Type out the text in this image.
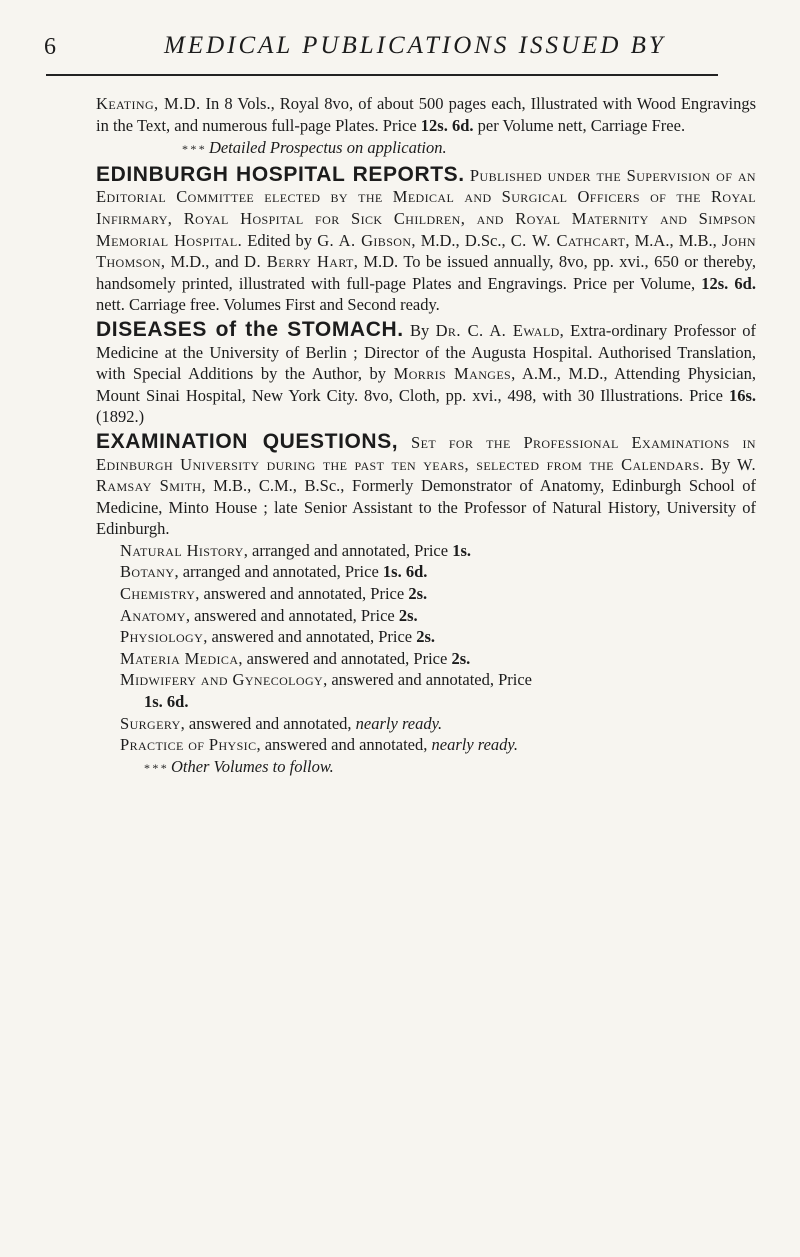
6	MEDICAL PUBLICATIONS ISSUED BY

Keating, M.D. In 8 Vols., Royal 8vo, of about 500 pages each, Illustrated with Wood Engravings in the Text, and numerous full-page Plates. Price 12s. 6d. per Volume nett, Carriage Free.

* * * Detailed Prospectus on application.

EDINBURGH HOSPITAL REPORTS. Published under the Supervision of an Editorial Committee elected by the Medical and Surgical Officers of the Royal Infirmary, Royal Hospital for Sick Children, and Royal Maternity and Simpson Memorial Hospital. Edited by G. A. Gibson, M.D., D.Sc., C. W. Cathcart, M.A., M.B., John Thomson, M.D., and D. Berry Hart, M.D. To be issued annually, 8vo, pp. xvi., 650 or thereby, handsomely printed, illustrated with full-page Plates and Engravings. Price per Volume, 12s. 6d. nett. Carriage free. Volumes First and Second ready.

DISEASES of the STOMACH. By Dr. C. A. Ewald, Extra-ordinary Professor of Medicine at the University of Berlin ; Director of the Augusta Hospital. Authorised Translation, with Special Additions by the Author, by Morris Manges, A.M., M.D., Attending Physician, Mount Sinai Hospital, New York City. 8vo, Cloth, pp. xvi., 498, with 30 Illustrations. Price 16s. (1892.)

EXAMINATION QUESTIONS, Set for the Professional Examinations in Edinburgh University during the past ten years, selected from the Calendars. By W. Ramsay Smith, M.B., C.M., B.Sc., Formerly Demonstrator of Anatomy, Edinburgh School of Medicine, Minto House ; late Senior Assistant to the Professor of Natural History, University of Edinburgh.

Natural History, arranged and annotated, Price 1s.

Botany, arranged and annotated, Price 1s. 6d.

Chemistry, answered and annotated, Price 2s.

Anatomy, answered and annotated, Price 2s.

Physiology, answered and annotated, Price 2s.

Materia Medica, answered and annotated, Price 2s.

Midwifery and Gynecology, answered and annotated, Price

1s. 6d.

Surgery, answered and annotated, nearly ready.

Practice of Physic, answered and annotated, nearly ready.

* * * Other Volumes to follow.
